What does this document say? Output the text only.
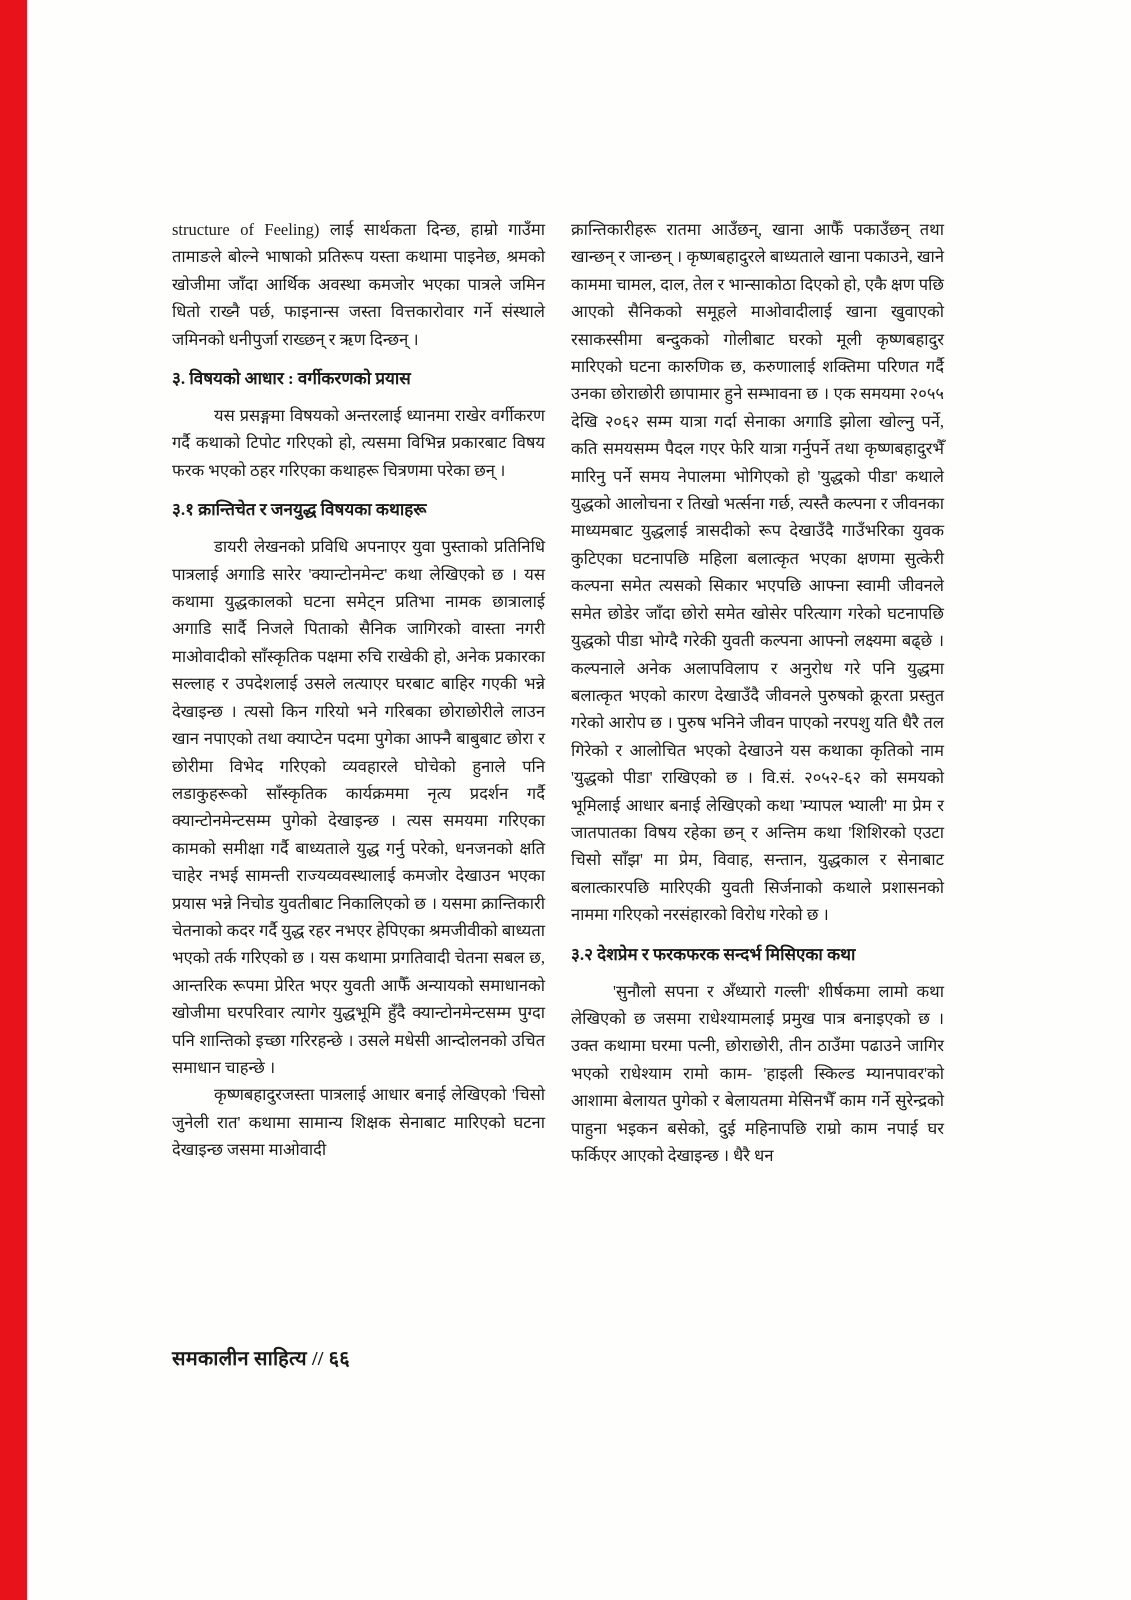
structure of Feeling) लाई सार्थकता दिन्छ, हाम्रो गाउँमा तामाङले बोल्ने भाषाको प्रतिरूप यस्ता कथामा पाइनेछ, श्रमको खोजीमा जाँदा आर्थिक अवस्था कमजोर भएका पात्रले जमिन धितो राख्नै पर्छ, फाइनान्स जस्ता वित्तकारोवार गर्ने संस्थाले जमिनको धनीपुर्जा राख्छन् र ऋण दिन्छन् ।

३. विषयको आधार : वर्गीकरणको प्रयास

यस प्रसङ्गमा विषयको अन्तरलाई ध्यानमा राखेर वर्गीकरण गर्दै कथाको टिपोट गरिएको हो, त्यसमा विभिन्न प्रकारबाट विषय फरक भएको ठहर गरिएका कथाहरू चित्रणमा परेका छन् ।

३.१ क्रान्तिचेत र जनयुद्ध विषयका कथाहरू

डायरी लेखनको प्रविधि अपनाएर युवा पुस्ताको प्रतिनिधि पात्रलाई अगाडि सारेर 'क्यान्टोनमेन्ट' कथा लेखिएको छ । यस कथामा युद्धकालको घटना समेट्न प्रतिभा नामक छात्रालाई अगाडि सार्दै निजले पिताको सैनिक जागिरको वास्ता नगरी माओवादीको साँस्कृतिक पक्षमा रुचि राखेकी हो, अनेक प्रकारका सल्लाह र उपदेशलाई उसले लत्याएर घरबाट बाहिर गएकी भन्ने देखाइन्छ । त्यसो किन गरियो भने गरिबका छोराछोरीले लाउन खान नपाएको तथा क्याप्टेन पदमा पुगेका आफ्नै बाबुबाट छोरा र छोरीमा विभेद गरिएको व्यवहारले घोचेको हुनाले पनि लडाकुहरूको साँस्कृतिक कार्यक्रममा नृत्य प्रदर्शन गर्दै क्यान्टोनमेन्टसम्म पुगेको देखाइन्छ । त्यस समयमा गरिएका कामको समीक्षा गर्दै बाध्यताले युद्ध गर्नु परेको, धनजनको क्षति चाहेर नभई सामन्ती राज्यव्यवस्थालाई कमजोर देखाउन भएका प्रयास भन्ने निचोड युवतीबाट निकालिएको छ । यसमा क्रान्तिकारी चेतनाको कदर गर्दै युद्ध रहर नभएर हेपिएका श्रमजीवीको बाध्यता भएको तर्क गरिएको छ । यस कथामा प्रगतिवादी चेतना सबल छ, आन्तरिक रूपमा प्रेरित भएर युवती आफैँ अन्यायको समाधानको खोजीमा घरपरिवार त्यागेर युद्धभूमि हुँदै क्यान्टोनमेन्टसम्म पुग्दा पनि शान्तिको इच्छा गरिरहन्छे । उसले मधेसी आन्दोलनको उचित समाधान चाहन्छे ।

कृष्णबहादुरजस्ता पात्रलाई आधार बनाई लेखिएको 'चिसो जुनेली रात' कथामा सामान्य शिक्षक सेनाबाट मारिएको घटना देखाइन्छ जसमा माओवादी

क्रान्तिकारीहरू रातमा आउँछन्, खाना आफैँ पकाउँछन् तथा खान्छन् र जान्छन् । कृष्णबहादुरले बाध्यताले खाना पकाउने, खाने काममा चामल, दाल, तेल र भान्साकोठा दिएको हो, एकै क्षण पछि आएको सैनिकको समूहले माओवादीलाई खाना खुवाएको रसाकस्सीमा बन्दुकको गोलीबाट घरको मूली कृष्णबहादुर मारिएको घटना कारुणिक छ, करुणालाई शक्तिमा परिणत गर्दै उनका छोराछोरी छापामार हुने सम्भावना छ । एक समयमा २०५५ देखि २०६२ सम्म यात्रा गर्दा सेनाका अगाडि झोला खोल्नु पर्ने, कति समयसम्म पैदल गएर फेरि यात्रा गर्नुपर्ने तथा कृष्णबहादुरभैँ मारिनु पर्ने समय नेपालमा भोगिएको हो 'युद्धको पीडा' कथाले युद्धको आलोचना र तिखो भर्त्सना गर्छ, त्यस्तै कल्पना र जीवनका माध्यमबाट युद्धलाई त्रासदीको रूप देखाउँदै गाउँभरिका युवक कुटिएका घटनापछि महिला बलात्कृत भएका क्षणमा सुत्केरी कल्पना समेत त्यसको सिकार भएपछि आफ्ना स्वामी जीवनले समेत छोडेर जाँदा छोरो समेत खोसेर परित्याग गरेको घटनापछि युद्धको पीडा भोग्दै गरेकी युवती कल्पना आफ्नो लक्ष्यमा बढ्छे । कल्पनाले अनेक अलापविलाप र अनुरोध गरे पनि युद्धमा बलात्कृत भएको कारण देखाउँदै जीवनले पुरुषको क्रूरता प्रस्तुत गरेको आरोप छ । पुरुष भनिने जीवन पाएको नरपशु यति धैरै तल गिरेको र आलोचित भएको देखाउने यस कथाका कृतिको नाम 'युद्धको पीडा' राखिएको छ । वि.सं. २०५२-६२ को समयको भूमिलाई आधार बनाई लेखिएको कथा 'म्यापल भ्याली' मा प्रेम र जातपातका विषय रहेका छन् र अन्तिम कथा 'शिशिरको एउटा चिसो साँझ' मा प्रेम, विवाह, सन्तान, युद्धकाल र सेनाबाट बलात्कारपछि मारिएकी युवती सिर्जनाको कथाले प्रशासनको नाममा गरिएको नरसंहारको विरोध गरेको छ ।

३.२ देशप्रेम र फरकफरक सन्दर्भ मिसिएका कथा

'सुनौलो सपना र अँध्यारो गल्ली' शीर्षकमा लामो कथा लेखिएको छ जसमा राधेश्यामलाई प्रमुख पात्र बनाइएको छ । उक्त कथामा घरमा पत्नी, छोराछोरी, तीन ठाउँमा पढाउने जागिर भएको राधेश्याम रामो काम- 'हाइली स्किल्ड म्यानपावर'को आशामा बेलायत पुगेको र बेलायतमा मेसिनभैँ काम गर्ने सुरेन्द्रको पाहुना भइकन बसेको, दुई महिनापछि राम्रो काम नपाई घर फर्किएर आएको देखाइन्छ । धैरै धन

समकालीन साहित्य // ६६
